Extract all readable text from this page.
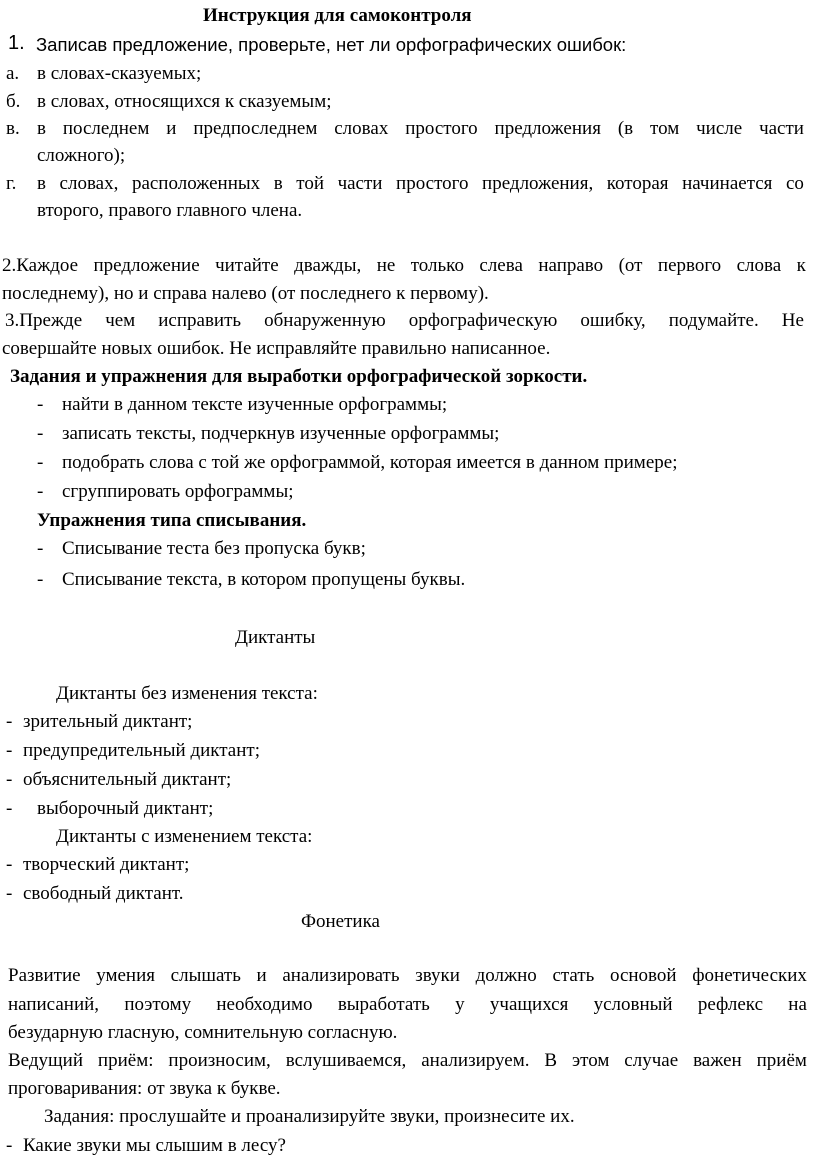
Инструкция для самоконтроля
1. Записав предложение, проверьте, нет ли орфографических ошибок:
а. в словах-сказуемых;
б. в словах, относящихся к сказуемым;
в. в последнем и предпоследнем словах простого предложения (в том числе части
сложного);
г. в словах, расположенных в той части простого предложения, которая начинается со
второго, правого главного члена.
2.Каждое предложение читайте дважды, не только слева направо (от первого слова к
последнему), но и справа налево (от последнего к первому).
3.Прежде чем исправить обнаруженную орфографическую ошибку, подумайте. Не
совершайте новых ошибок. Не исправляйте правильно написанное.
Задания и упражнения для выработки орфографической зоркости.
- найти в данном тексте изученные орфограммы;
- записать тексты, подчеркнув изученные орфограммы;
- подобрать слова с той же орфограммой, которая имеется в данном примере;
- сгруппировать орфограммы;
Упражнения типа списывания.
- Списывание теста без пропуска букв;
- Списывание текста, в котором пропущены буквы.
Диктанты
Диктанты без изменения текста:
- зрительный диктант;
- предупредительный диктант;
- объяснительный диктант;
- выборочный диктант;
Диктанты с изменением текста:
- творческий диктант;
- свободный диктант.
Фонетика
Развитие умения слышать и анализировать звуки должно стать основой фонетических
написаний, поэтому необходимо выработать у учащихся условный рефлекс на
безударную гласную, сомнительную согласную.
Ведущий приём: произносим, вслушиваемся, анализируем. В этом случае важен приём
проговаривания: от звука к букве.
Задания: прослушайте и проанализируйте звуки, произнесите их.
- Какие звуки мы слышим в лесу?
